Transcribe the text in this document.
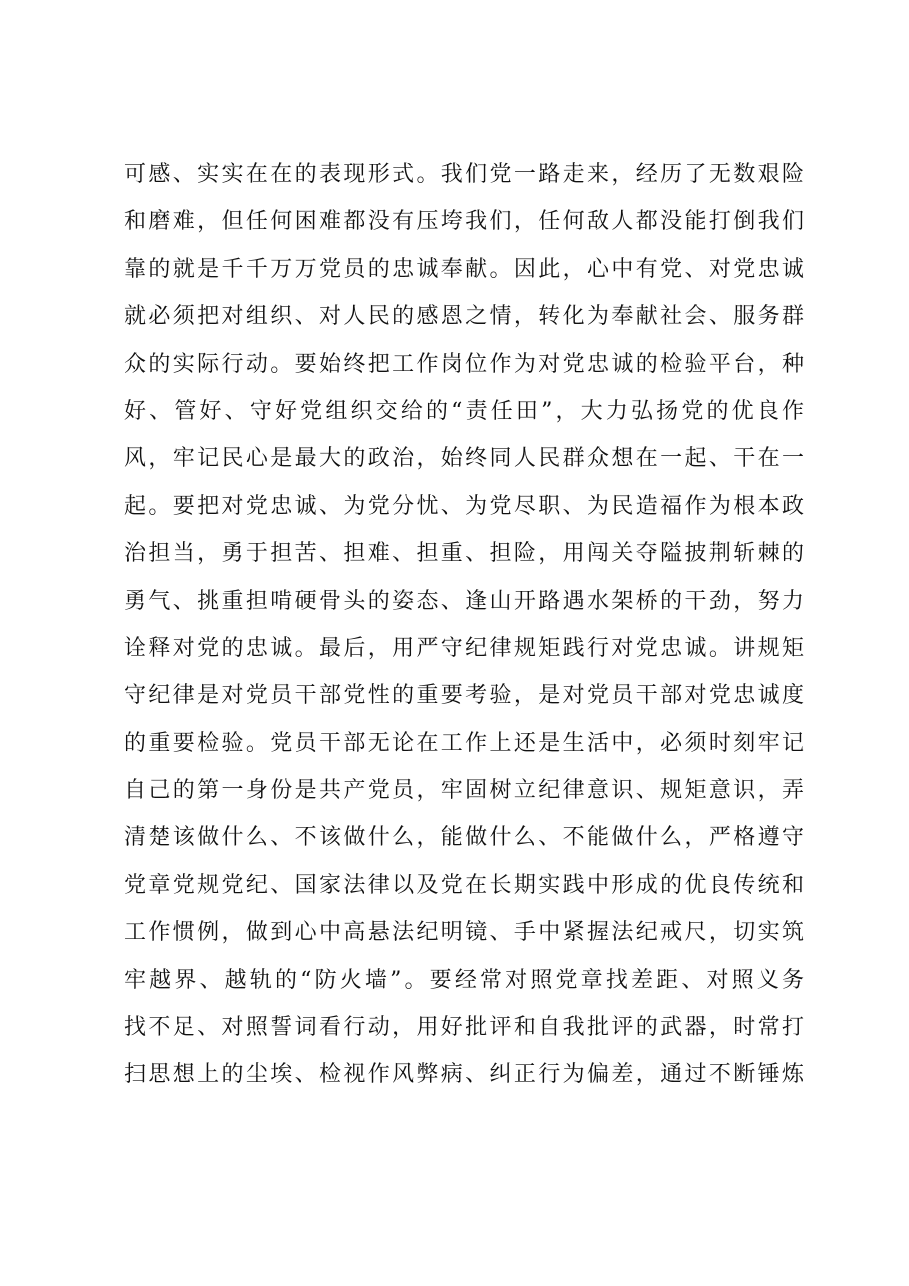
可感、实实在在的表现形式。我们党一路走来，经历了无数艰险
和磨难，但任何困难都没有压垮我们，任何敌人都没能打倒我们
靠的就是千千万万党员的忠诚奉献。因此，心中有党、对党忠诚
就必须把对组织、对人民的感恩之情，转化为奉献社会、服务群
众的实际行动。要始终把工作岗位作为对党忠诚的检验平台，种
好、管好、守好党组织交给的“责任田”，大力弘扬党的优良作
风，牢记民心是最大的政治，始终同人民群众想在一起、干在一
起。要把对党忠诚、为党分忧、为党尽职、为民造福作为根本政
治担当，勇于担苦、担难、担重、担险，用闯关夺隘披荆斩棘的
勇气、挑重担啃硬骨头的姿态、逢山开路遇水架桥的干劲，努力
诠释对党的忠诚。最后，用严守纪律规矩践行对党忠诚。讲规矩
守纪律是对党员干部党性的重要考验，是对党员干部对党忠诚度
的重要检验。党员干部无论在工作上还是生活中，必须时刻牢记
自己的第一身份是共产党员，牢固树立纪律意识、规矩意识，弄
清楚该做什么、不该做什么，能做什么、不能做什么，严格遵守
党章党规党纪、国家法律以及党在长期实践中形成的优良传统和
工作惯例，做到心中高悬法纪明镜、手中紧握法纪戒尺，切实筑
牢越界、越轨的“防火墙”。要经常对照党章找差距、对照义务
找不足、对照誓词看行动，用好批评和自我批评的武器，时常打
扫思想上的尘埃、检视作风弊病、纠正行为偏差，通过不断锤炼
